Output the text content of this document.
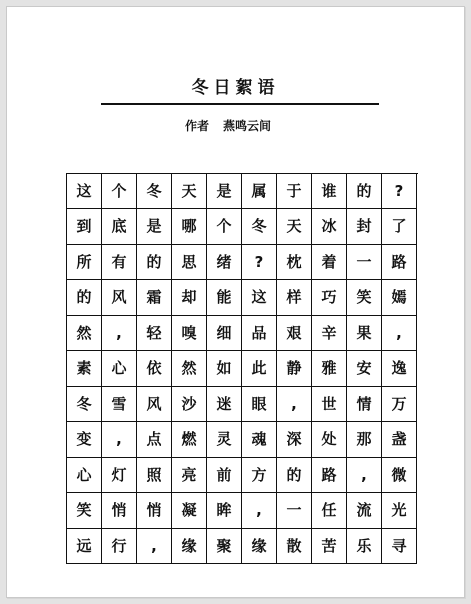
冬日絮语
作者 燕鸣云间
这	个	冬	天	是	属	于	谁	的	?
到	底	是	哪	个	冬	天	冰	封	了
所	有	的	思	绪	?	枕	着	一	路
的	风	霜	却	能	这	样	巧	笑	嫣
然	,	轻	嗅	细	品	艰	辛	果	,
素	心	依	然	如	此	静	雅	安	逸
冬	雪	风	沙	迷	眼	,	世	情	万
变	,	点	燃	灵	魂	深	处	那	盏
心	灯	照	亮	前	方	的	路	,	微
笑	悄	悄	凝	眸	,	一	任	流	光
远	行	,	缘	聚	缘	散	苦	乐	寻
